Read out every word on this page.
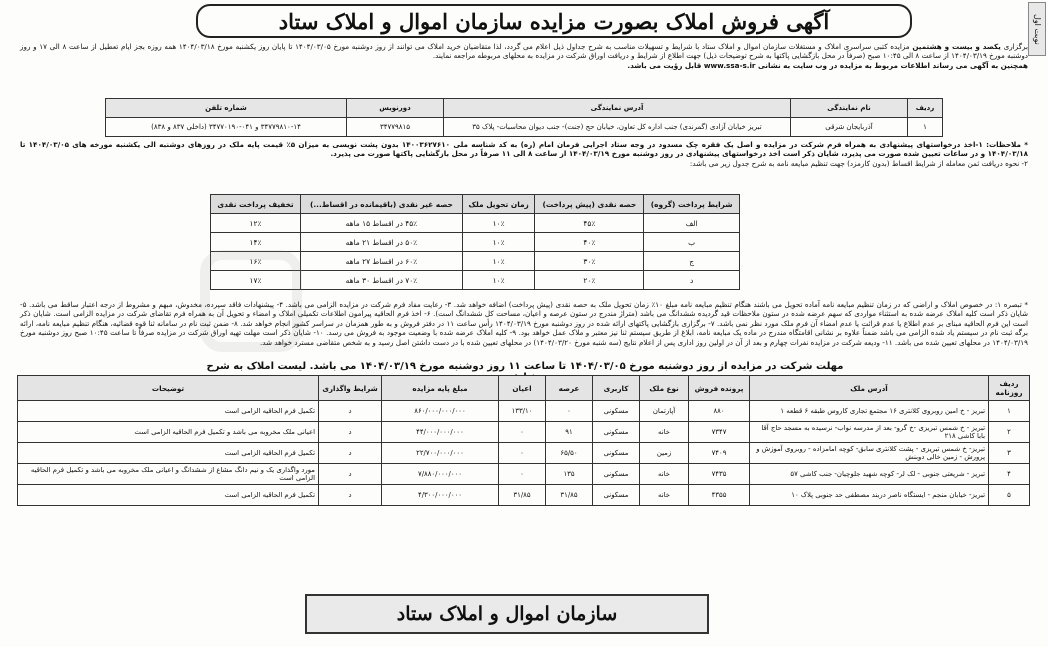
نوبت اول
آگهی فروش املاک بصورت مزایده سازمان اموال و املاک ستاد
برگزاری یکصد و بیست و هشتمین مزایده کتبی سراسری املاک و مستغلات سازمان اموال و املاک ستاد با شرایط و تسهیلات مناسب به شرح جداول ذیل اعلام می گردد، لذا متقاضیان خرید املاک می توانند از روز دوشنبه مورخ ۱۴۰۴/۰۳/۰۵ تا پایان روز یکشنبه مورخ ۱۴۰۴/۰۳/۱۸ همه روزه بجز ایام تعطیل از ساعت ۸ الی ۱۷ و روز دوشنبه مورخ ۱۴۰۴/۰۳/۱۹ از ساعت ۸ الی ۱۰:۴۵ صبح (صرفاً در محل بازگشایی پاکتها به شرح توضیحات ذیل) جهت اطلاع از شرایط و دریافت اوراق شرکت در مزایده به محلهای مربوطه مراجعه نمایند.
همچنین به آگهی می رساند اطلاعات مربوط به مزایده در وب سایت به نشانی www.ssa-s.ir قابل رؤیت می باشد.
ردیف	نام نمایندگی	آدرس نمایندگی	دورنویس	شماره تلفن
۱	آذربایجان شرقی	تبریز خیابان آزادی (گمرندی) جنب اداره کل تعاون، خیابان حج (جنت)- جنب دیوان محاسبات- پلاک ۳۵	۳۴۷۷۹۸۱۵	۳۴۷۷۹۸۱۰-۱۴ و ۰۴۱-۳۴۷۷۰۱۹۰ (داخلی ۸۳۷ و ۸۳۸)
* ملاحظات: ۱-اخذ درخواستهای پیشنهادی به همراه فرم شرکت در مزایده و اصل یک فقره چک مسدود در وجه ستاد اجرایی فرمان امام (ره) به کد شناسه ملی ۱۴۰۰۳۶۲۷۶۱۰ بدون پشت نویسی به میزان ۵٪ قیمت پایه ملک در روزهای دوشنبه الی یکشنبه مورخه های ۱۴۰۴/۰۳/۰۵ تا ۱۴۰۴/۰۳/۱۸ و در ساعات تعیین شده صورت می پذیرد، شایان ذکر است اخذ درخواستهای پیشنهادی در روز دوشنبه مورخ ۱۴۰۴/۰۳/۱۹ از ساعت ۸ الی ۱۱ صرفاً در محل بازگشایی پاکتها صورت می پذیرد.
۲- نحوه دریافت ثمن معامله از شرایط اقساط (بدون کارمزد) جهت تنظیم مبایعه نامه به شرح جدول زیر می باشد:
شرایط پرداخت (گروه)	حصه نقدی (پیش پرداخت)	زمان تحویل ملک	حصه غیر نقدی (باقیمانده در اقساط...)	تخفیف پرداخت نقدی
الف	۴۵٪	۱۰٪	۴۵٪ در اقساط ۱۵ ماهه	۱۲٪
ب	۴۰٪	۱۰٪	۵۰٪ در اقساط ۲۱ ماهه	۱۴٪
ج	۳۰٪	۱۰٪	۶۰٪ در اقساط ۲۷ ماهه	۱۶٪
د	۲۰٪	۱۰٪	۷۰٪ در اقساط ۳۰ ماهه	۱۷٪
* تبصره ۱: در خصوص املاک و اراضی که در زمان تنظیم مبایعه نامه آماده تحویل می باشند هنگام تنظیم مبایعه نامه مبلغ ۱۰٪ زمان تحویل ملک به حصه نقدی (پیش پرداخت) اضافه خواهد شد. ۳- رعایت مفاد فرم شرکت در مزایده الزامی می باشد. ۴- پیشنهادات فاقد سپرده، مخدوش، مبهم و مشروط از درجه اعتبار ساقط می باشد. ۵- شایان ذکر است کلیه املاک عرضه شده به استثناء مواردی که سهم عرضه شده در ستون ملاحظات قید گردیده ششدانگ می باشد (متراژ مندرج در ستون عرصه و اعیان، مساحت کل ششدانگ است). ۶- اخذ فرم الحاقیه پیرامون اطلاعات تکمیلی املاک و امضاء و تحویل آن به همراه فرم تقاضای شرکت در مزایده الزامی است. شایان ذکر است این فرم الحاقیه مبنای بر عدم اطلاع یا عدم قرائت یا عدم امضاء آن فرم ملک مورد نظر نمی باشد. ۷- برگزاری بازگشایی پاکتهای ارائه شده در روز دوشنبه مورخ ۱۴۰۴/۰۳/۱۹ رأس ساعت ۱۱ در دفتر فروش و به طور همزمان در سراسر کشور انجام خواهد شد. ۸- ضمن ثبت نام در سامانه ثنا قوه قضائیه، هنگام تنظیم مبایعه نامه، ارائه برگه ثبت نام در سیستم یاد شده الزامی می باشد ضمناً علاوه بر نشانی اقامتگاه مندرج در ماده یک مبایعه نامه، ابلاغ از طریق سیستم ثنا نیز معتبر و ملاک عمل خواهد بود. ۹- کلیه املاک عرضه شده با وضعیت موجود به فروش می رسد. ۱۰- شایان ذکر است مهلت تهیه اوراق شرکت در مزایده صرفاً تا ساعت ۱۰:۴۵ صبح روز دوشنبه مورخ ۱۴۰۴/۰۳/۱۹ در محلهای تعیین شده می باشد. ۱۱- ودیعه شرکت در مزایده نفرات چهارم و بعد از آن در اولین روز اداری پس از اعلام نتایج (سه شنبه مورخ ۱۴۰۴/۰۳/۲۰) در محلهای تعیین شده با در دست داشتن اصل رسید و به شخص متقاضی مسترد خواهد شد.
مهلت شرکت در مزایده از روز دوشنبه مورخ ۱۴۰۴/۰۳/۰۵ تا ساعت ۱۱ روز دوشنبه مورخ ۱۴۰۴/۰۳/۱۹ می باشد. لیست املاک به شرح
ردیف روزنامه	آدرس ملک	پرونده فروش	نوع ملک	کاربری	عرصه	اعیان	مبلغ پایه مزایده	شرایط واگذاری	توضیحات
۱	تبریز - خ امین روبروی کلانتری ۱۶ مجتمع تجاری کاروس طبقه ۶ قطعه ۱	۸۸۰	آپارتمان	مسکونی	۰	۱۳۳/۱۰	۸۶۰/۰۰۰/۰۰۰/۰۰۰	د	تکمیل فرم الحاقیه الزامی است
۲	تبریز - خ شمس تبریزی -خ گرو- بعد از مدرسه نواب- نرسیده به مسجد حاج آقا بابا کاشی ۲۱۸	۷۳۴۷	خانه	مسکونی	۹۱	۰	۴۴/۰۰۰/۰۰۰/۰۰۰	د	اعیانی ملک مخروبه می باشد و تکمیل فرم الحاقیه الزامی است
۳	تبریز- خ شمس تبریزی - پشت کلانتری سابق- کوچه امامزاده - روبروی آموزش و پرورش - زمین خالی دوبنش	۷۴۰۹	زمین	مسکونی	۶۵/۵۰	۰	۲۲/۷۰۰/۰۰۰/۰۰۰	د	تکمیل فرم الحاقیه الزامی است
۴	تبریز - شریعتی جنوبی - لک لر- کوچه شهید جلوچیان- جنب کاشی ۵۷	۷۴۳۵	خانه	مسکونی	۱۳۵	۰	۷/۸۸۰/۰۰۰/۰۰۰	د	مورد واگذاری یک و نیم دانگ مشاع از ششدانگ و اعیانی ملک مخروبه می باشد و تکمیل فرم الحاقیه الزامی است
۵	تبریز- خیابان منجم - ایستگاه ناصر دربند مصطفی حد جنوبی پلاک ۱۰	۴۳۵۵	خانه	مسکونی	۳۱/۸۵	۳۱/۸۵	۴/۳۰۰/۰۰۰/۰۰۰	د	تکمیل فرم الحاقیه الزامی است
سازمان اموال و املاک ستاد
